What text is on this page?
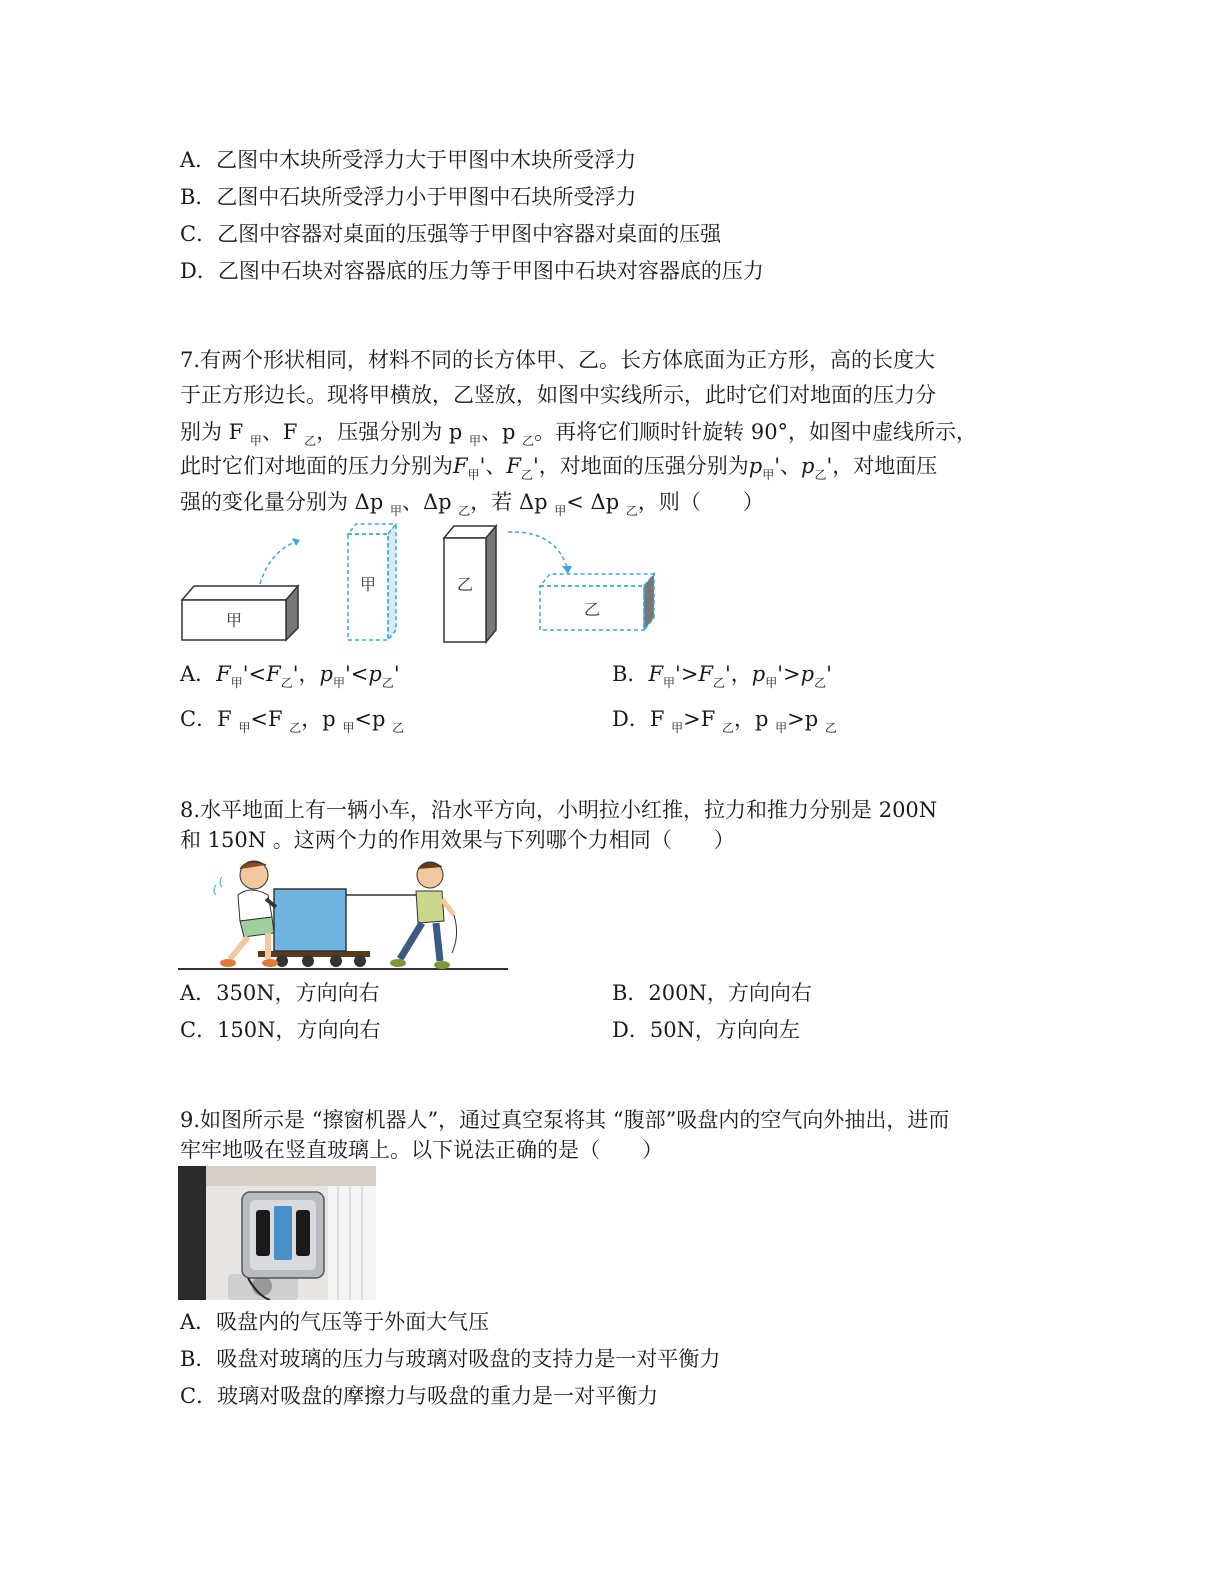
A．乙图中木块所受浮力大于甲图中木块所受浮力
B．乙图中石块所受浮力小于甲图中石块所受浮力
C．乙图中容器对桌面的压强等于甲图中容器对桌面的压强
D．乙图中石块对容器底的压力等于甲图中石块对容器底的压力
7.有两个形状相同，材料不同的长方体甲、乙。长方体底面为正方形，高的长度大
于正方形边长。现将甲横放，乙竖放，如图中实线所示，此时它们对地面的压力分
别为 F $_甲$、F $_乙$，压强分别为 p $_甲$、p $_乙$。再将它们顺时针旋转 90°，如图中虚线所示，
此时它们对地面的压力分别为$F_甲'$、$F_乙'$，对地面的压强分别为$p_甲'$、$p_乙'$，对地面压
强的变化量分别为 Δp $_甲$、Δp $_乙$，若 Δp $_甲$< Δp $_乙$，则（　　）
甲
甲	乙
乙
A．$F_甲'<F_乙'$，$p_甲'<p_乙'$	B．$F_甲'>F_乙'$，$p_甲'>p_乙'$
C．F $_甲$<F $_乙$，p $_甲$<p $_乙$	D．F $_甲$>F $_乙$，p $_甲$>p $_乙$
8.水平地面上有一辆小车，沿水平方向，小明拉小红推，拉力和推力分别是 200N
和 150N 。这两个力的作用效果与下列哪个力相同（　　）
A．350N，方向向右	B．200N，方向向右
C．150N，方向向右	D．50N，方向向左
9.如图所示是 “擦窗机器人”，通过真空泵将其 “腹部”吸盘内的空气向外抽出，进而
牢牢地吸在竖直玻璃上。以下说法正确的是（　　）
A．吸盘内的气压等于外面大气压
B．吸盘对玻璃的压力与玻璃对吸盘的支持力是一对平衡力
C．玻璃对吸盘的摩擦力与吸盘的重力是一对平衡力
